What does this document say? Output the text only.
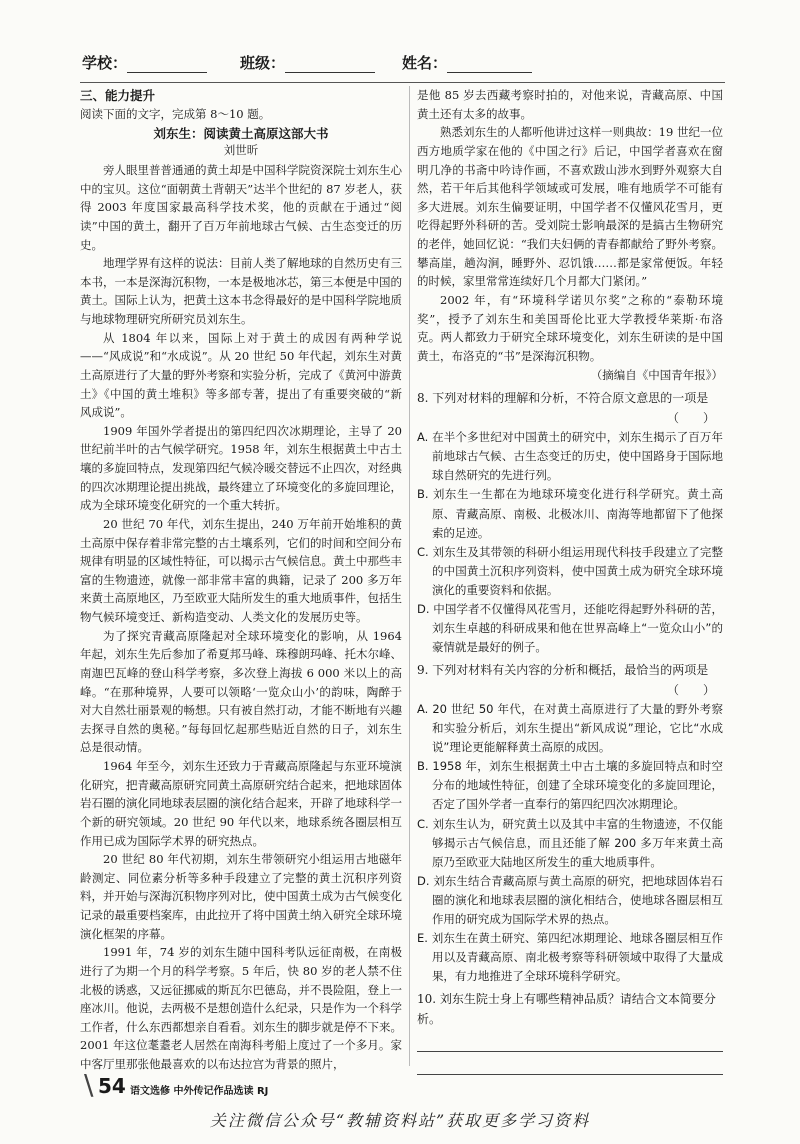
学校：	班级：	姓名：

三、能力提升

阅读下面的文字，完成第 8～10 题。

刘东生：阅读黄土高原这部大书

刘世昕

旁人眼里普普通通的黄土却是中国科学院资深院士刘东生心中的宝贝。这位“面朝黄土背朝天”达半个世纪的 87 岁老人，获得 2003 年度国家最高科学技术奖，他的贡献在于通过“阅读”中国的黄土，翻开了百万年前地球古气候、古生态变迁的历史。

地理学界有这样的说法：目前人类了解地球的自然历史有三本书，一本是深海沉积物，一本是极地冰芯，第三本便是中国的黄土。国际上认为，把黄土这本书念得最好的是中国科学院地质与地球物理研究所研究员刘东生。

从 1804 年以来，国际上对于黄土的成因有两种学说——“风成说”和“水成说”。从 20 世纪 50 年代起，刘东生对黄土高原进行了大量的野外考察和实验分析，完成了《黄河中游黄土》《中国的黄土堆积》等多部专著，提出了有重要突破的“新风成说”。

1909 年国外学者提出的第四纪四次冰期理论，主导了 20 世纪前半叶的古气候学研究。1958 年，刘东生根据黄土中古土壤的多旋回特点，发现第四纪气候冷暖交替远不止四次，对经典的四次冰期理论提出挑战，最终建立了环境变化的多旋回理论，成为全球环境变化研究的一个重大转折。

20 世纪 70 年代，刘东生提出，240 万年前开始堆积的黄土高原中保存着非常完整的古土壤系列，它们的时间和空间分布规律有明显的区域性特征，可以揭示古气候信息。黄土中那些丰富的生物遗迹，就像一部非常丰富的典籍，记录了 200 多万年来黄土高原地区，乃至欧亚大陆所发生的重大地质事件，包括生物气候环境变迁、新构造变动、人类文化的发展历史等。

为了探究青藏高原隆起对全球环境变化的影响，从 1964 年起，刘东生先后参加了希夏邦马峰、珠穆朗玛峰、托木尔峰、南迦巴瓦峰的登山科学考察，多次登上海拔 6 000 米以上的高峰。“在那种境界，人要可以领略‘一览众山小’的韵味，陶醉于对大自然壮丽景观的畅想。只有被自然打动，才能不断地有兴趣去探寻自然的奥秘。”每每回忆起那些贴近自然的日子，刘东生总是很动情。

1964 年至今，刘东生还致力于青藏高原隆起与东亚环境演化研究，把青藏高原研究同黄土高原研究结合起来，把地球固体岩石圈的演化同地球表层圈的演化结合起来，开辟了地球科学一个新的研究领域。20 世纪 90 年代以来，地球系统各圈层相互作用已成为国际学术界的研究热点。

20 世纪 80 年代初期，刘东生带领研究小组运用古地磁年龄测定、同位素分析等多种手段建立了完整的黄土沉积序列资料，并开始与深海沉积物序列对比，使中国黄土成为古气候变化记录的最重要档案库，由此拉开了将中国黄土纳入研究全球环境演化框架的序幕。

1991 年，74 岁的刘东生随中国科考队远征南极，在南极进行了为期一个月的科学考察。5 年后，快 80 岁的老人禁不住北极的诱惑，又远征挪威的斯瓦尔巴德岛，并不畏险阻，登上一座冰川。他说，去两极不是想创造什么纪录，只是作为一个科学工作者，什么东西都想亲自看看。刘东生的脚步就是停不下来。2001 年这位耄耋老人居然在南海科考船上度过了一个多月。家中客厅里那张他最喜欢的以布达拉宫为背景的照片，

是他 85 岁去西藏考察时拍的，对他来说，青藏高原、中国黄土还有太多的故事。

熟悉刘东生的人都听他讲过这样一则典故：19 世纪一位西方地质学家在他的《中国之行》后记，中国学者喜欢在窗明几净的书斋中吟诗作画，不喜欢跋山涉水到野外观察大自然，若干年后其他科学领域或可发展，唯有地质学不可能有多大进展。刘东生偏要证明，中国学者不仅懂风花雪月，更吃得起野外科研的苦。受刘院士影响最深的是搞古生物研究的老伴，她回忆说：“我们夫妇俩的青春都献给了野外考察。攀高崖，趟沟涧，睡野外、忍饥饿……都是家常便饭。年轻的时候，家里常常连续好几个月都大门紧闭。”

2002 年，有“环境科学诺贝尔奖”之称的“泰勒环境奖”，授予了刘东生和美国哥伦比亚大学教授华莱斯·布洛克。两人都致力于研究全球环境变化，刘东生研读的是中国黄土，布洛克的“书”是深海沉积物。

（摘编自《中国青年报》）

8. 下列对材料的理解和分析，不符合原文意思的一项是

（　　）

A. 在半个多世纪对中国黄土的研究中，刘东生揭示了百万年前地球古气候、古生态变迁的历史，使中国路身于国际地球自然研究的先进行列。

B. 刘东生一生都在为地球环境变化进行科学研究。黄土高原、青藏高原、南极、北极冰川、南海等地都留下了他探索的足迹。

C. 刘东生及其带领的科研小组运用现代科技手段建立了完整的中国黄土沉积序列资料，使中国黄土成为研究全球环境演化的重要资料和依据。

D. 中国学者不仅懂得风花雪月，还能吃得起野外科研的苦，刘东生卓越的科研成果和他在世界高峰上“一览众山小”的豪情就是最好的例子。

9. 下列对材料有关内容的分析和概括，最恰当的两项是

（　　）

A. 20 世纪 50 年代，在对黄土高原进行了大量的野外考察和实验分析后，刘东生提出“新风成说”理论，它比“水成说”理论更能解释黄土高原的成因。

B. 1958 年，刘东生根据黄土中古土壤的多旋回特点和时空分布的地域性特征，创建了全球环境变化的多旋回理论，否定了国外学者一直奉行的第四纪四次冰期理论。

C. 刘东生认为，研究黄土以及其中丰富的生物遗迹，不仅能够揭示古气候信息，而且还能了解 200 多万年来黄土高原乃至欧亚大陆地区所发生的重大地质事件。

D. 刘东生结合青藏高原与黄土高原的研究，把地球固体岩石圈的演化和地球表层圈的演化相结合，使地球各圈层相互作用的研究成为国际学术界的热点。

E. 刘东生在黄土研究、第四纪冰期理论、地球各圈层相互作用以及青藏高原、南北极考察等科研领域中取得了大量成果，有力地推进了全球环境科学研究。

10. 刘东生院士身上有哪些精神品质？请结合文本简要分析。

\ 54 语文选修 中外传记作品选读 RJ
关注微信公众号“教辅资料站”获取更多学习资料
